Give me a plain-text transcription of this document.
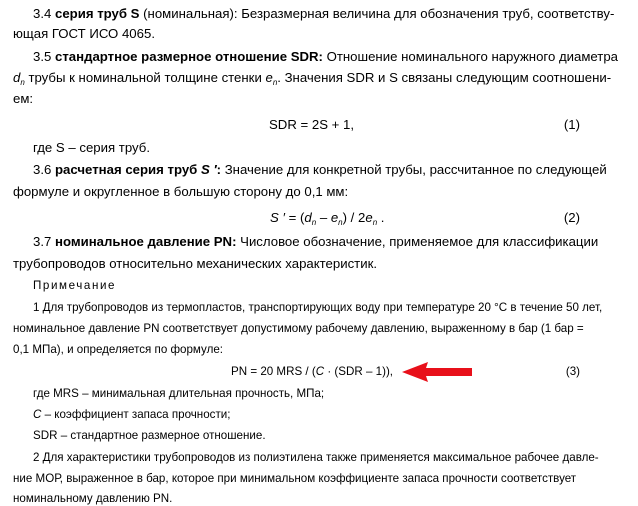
3.4 серия труб S (номинальная): Безразмерная величина для обозначения труб, соответству-
ющая ГОСТ ИСО 4065.
3.5 стандартное размерное отношение SDR: Отношение номинального наружного диаметра
$d_n$ трубы к номинальной толщине стенки $e_n$. Значения SDR и S связаны следующим соотношени-
ем:
SDR = 2S + 1,	(1)
где S – серия труб.
3.6 расчетная серия труб S ′: Значение для конкретной трубы, рассчитанное по следующей
формуле и округленное в большую сторону до 0,1 мм:
S ′ = $(d_n - e_n) / 2e_n$ .	(2)
3.7 номинальное давление PN: Числовое обозначение, применяемое для классификации
трубопроводов относительно механических характеристик.
Примечание
1 Для трубопроводов из термопластов, транспортирующих воду при температуре 20 °С в течение 50 лет,
номинальное давление PN соответствует допустимому рабочему давлению, выраженному в бар (1 бар =
0,1 МПа), и определяется по формуле:
PN = 20 MRS / (C · (SDR – 1)),	(3)
где MRS – минимальная длительная прочность, МПа;
C – коэффициент запаса прочности;
SDR – стандартное размерное отношение.
2 Для характеристики трубопроводов из полиэтилена также применяется максимальное рабочее давле-
ние МОР, выраженное в бар, которое при минимальном коэффициенте запаса прочности соответствует
номинальному давлению PN.
